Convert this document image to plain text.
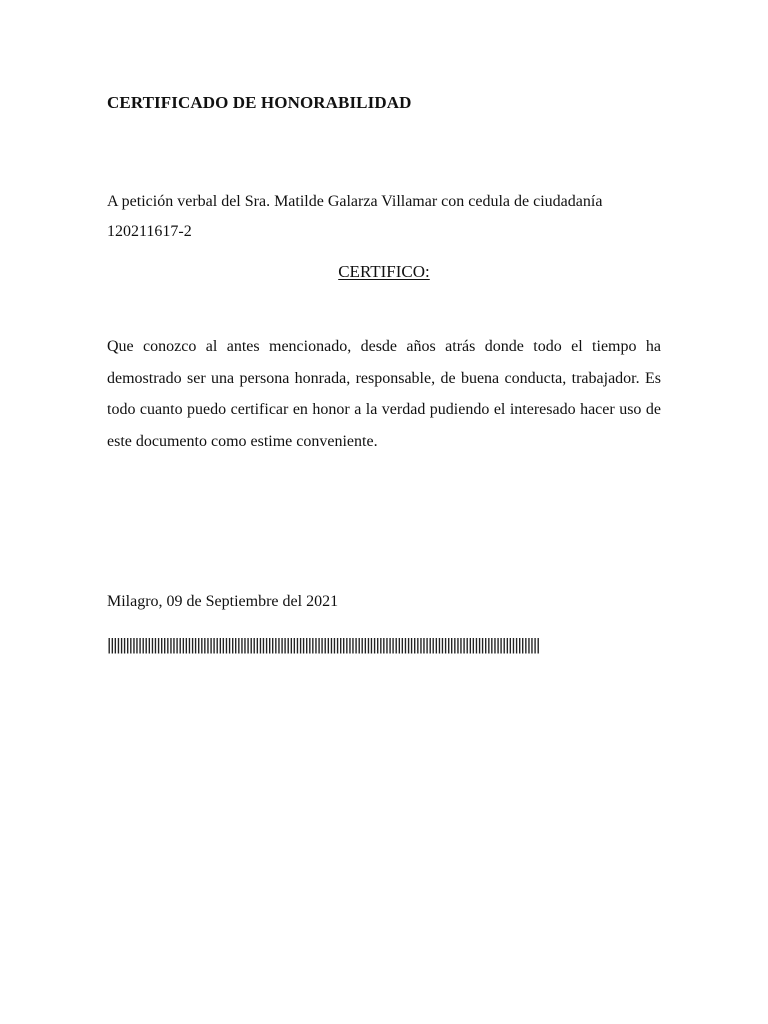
CERTIFICADO DE HONORABILIDAD
A petición verbal del Sra. Matilde Galarza Villamar con cedula de ciudadanía 120211617-2
CERTIFICO:
Que conozco al antes mencionado, desde años atrás donde todo el tiempo ha demostrado ser una persona honrada, responsable, de buena conducta, trabajador. Es todo cuanto puedo certificar en honor a la verdad pudiendo el interesado hacer uso de este documento como estime conveniente.
Milagro, 09 de Septiembre del 2021
||||||||||||||||||||||||||||||||||||||||||||||||||||||||||||||||||||||||||||||||||||||||||||||||||||||||||||||||||||||||||||||||||||||||||||
